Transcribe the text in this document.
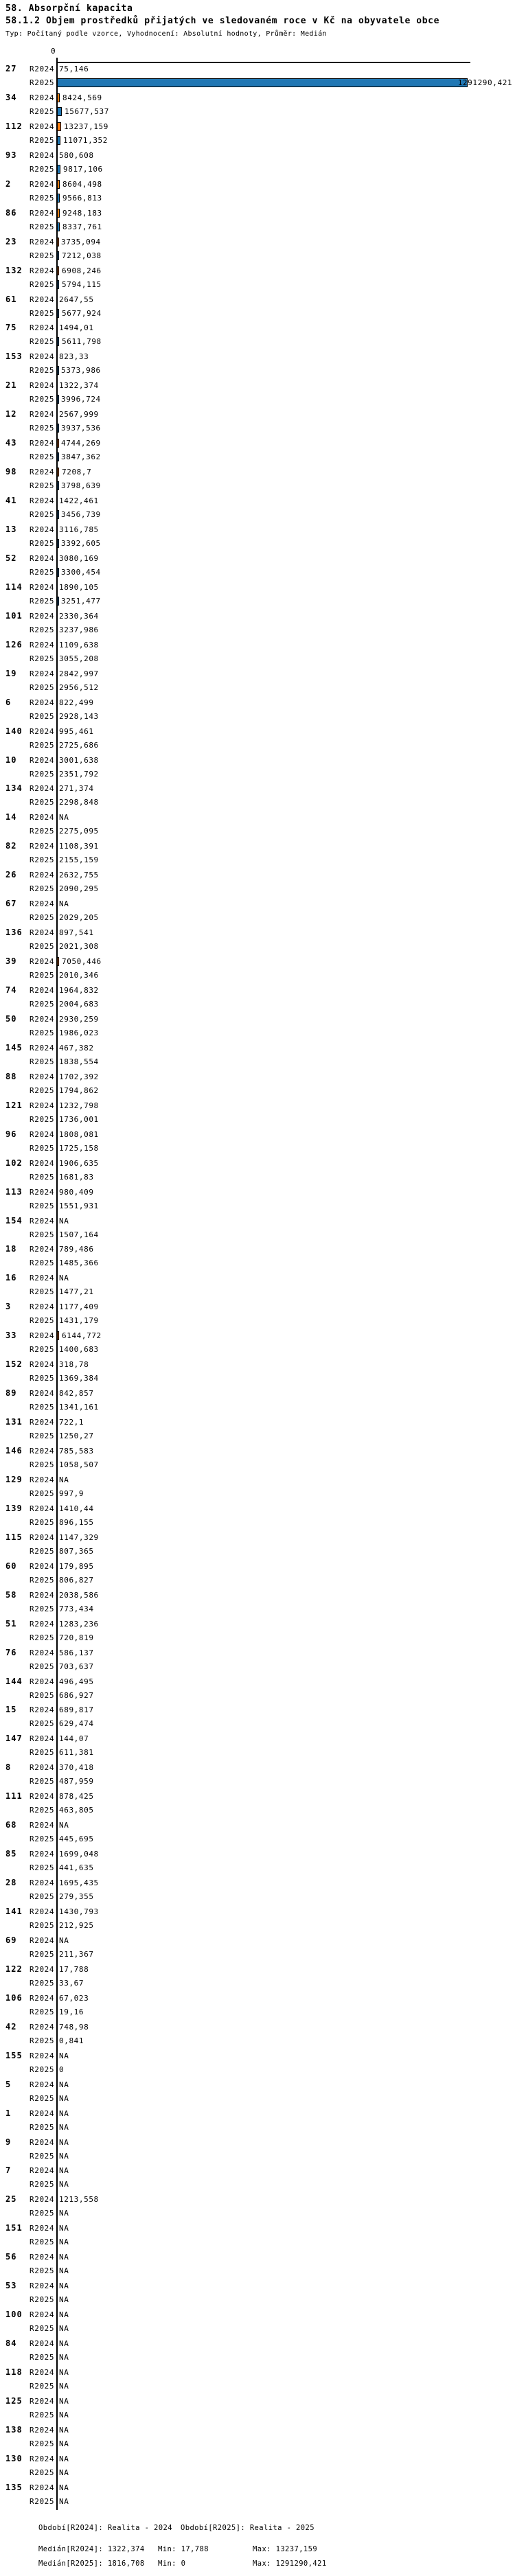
58. Absorpční kapacita
58.1.2 Objem prostředků přijatých ve sledovaném roce v Kč na obyvatele obce
Typ: Počítaný podle vzorce, Vyhodnocení: Absolutní hodnoty, Průměr: Medián
0
27 R2024 75,146
R2025	1291290,421
34 R2024 8424,569
R2025 15677,537
112 R2024 13237,159
R2025 11071,352
93 R2024 580,608
R2025 9817,106
2 R2024 8604,498
R2025 9566,813
86 R2024 9248,183
R2025 8337,761
23 R2024 3735,094
R2025 7212,038
132 R2024 6908,246
R2025 5794,115
61 R2024 2647,55
R2025 5677,924
75 R2024 1494,01
R2025 5611,798
153 R2024 823,33
R2025 5373,986
21 R2024 1322,374
R2025 3996,724
12 R2024 2567,999
R2025 3937,536
43 R2024 4744,269
R2025 3847,362
98 R2024 7208,7
R2025 3798,639
41 R2024 1422,461
R2025 3456,739
13 R2024 3116,785
R2025 3392,605
52 R2024 3080,169
R2025 3300,454
114 R2024 1890,105
R2025 3251,477
101 R2024 2330,364
R2025 3237,986
126 R2024 1109,638
R2025 3055,208
19 R2024 2842,997
R2025 2956,512
6 R2024 822,499
R2025 2928,143
140 R2024 995,461
R2025 2725,686
10 R2024 3001,638
R2025 2351,792
134 R2024 271,374
R2025 2298,848
14 R2024 NA
R2025 2275,095
82 R2024 1108,391
R2025 2155,159
26 R2024 2632,755
R2025 2090,295
67 R2024 NA
R2025 2029,205
136 R2024 897,541
R2025 2021,308
39 R2024 7050,446
R2025 2010,346
74 R2024 1964,832
R2025 2004,683
50 R2024 2930,259
R2025 1986,023
145 R2024 467,382
R2025 1838,554
88 R2024 1702,392
R2025 1794,862
121 R2024 1232,798
R2025 1736,001
96 R2024 1808,081
R2025 1725,158
102 R2024 1906,635
R2025 1681,83
113 R2024 980,409
R2025 1551,931
154 R2024 NA
R2025 1507,164
18 R2024 789,486
R2025 1485,366
16 R2024 NA
R2025 1477,21
3 R2024 1177,409
R2025 1431,179
33 R2024 6144,772
R2025 1400,683
152 R2024 318,78
R2025 1369,384
89 R2024 842,857
R2025 1341,161
131 R2024 722,1
R2025 1250,27
146 R2024 785,583
R2025 1058,507
129 R2024 NA
R2025 997,9
139 R2024 1410,44
R2025 896,155
115 R2024 1147,329
R2025 807,365
60 R2024 179,895
R2025 806,827
58 R2024 2038,586
R2025 773,434
51 R2024 1283,236
R2025 720,819
76 R2024 586,137
R2025 703,637
144 R2024 496,495
R2025 686,927
15 R2024 689,817
R2025 629,474
147 R2024 144,07
R2025 611,381
8 R2024 370,418
R2025 487,959
111 R2024 878,425
R2025 463,805
68 R2024 NA
R2025 445,695
85 R2024 1699,048
R2025 441,635
28 R2024 1695,435
R2025 279,355
141 R2024 1430,793
R2025 212,925
69 R2024 NA
R2025 211,367
122 R2024 17,788
R2025 33,67
106 R2024 67,023
R2025 19,16
42 R2024 748,98
R2025 0,841
155 R2024 NA
R2025 0
5 R2024 NA
R2025 NA
1 R2024 NA
R2025 NA
9 R2024 NA
R2025 NA
7 R2024 NA
R2025 NA
25 R2024 1213,558
R2025 NA
151 R2024 NA
R2025 NA
56 R2024 NA
R2025 NA
53 R2024 NA
R2025 NA
100 R2024 NA
R2025 NA
84 R2024 NA
R2025 NA
118 R2024 NA
R2025 NA
125 R2024 NA
R2025 NA
138 R2024 NA
R2025 NA
130 R2024 NA
R2025 NA
135 R2024 NA
R2025 NA
Období[R2024]: Realita - 2024 Období[R2025]: Realita - 2025
Medián[R2024]: 1322,374 Min: 17,788	Max: 13237,159
Medián[R2025]: 1816,708 Min: 0	Max: 1291290,421
